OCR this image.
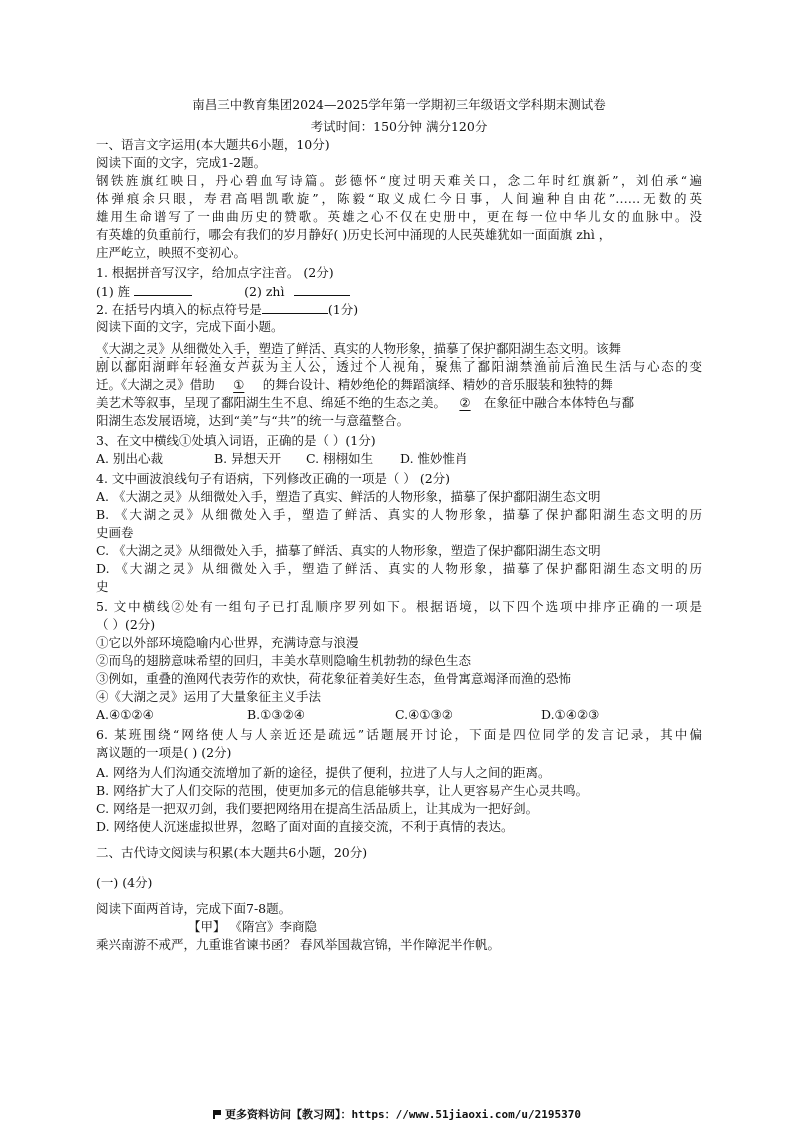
南昌三中教育集团2024—2025学年第一学期初三年级语文学科期末测试卷
考试时间：150分钟 满分120分
一、语言文字运用(本大题共6小题，10分)
阅读下面的文字，完成1-2题。
钢铁旌旗红映日，丹心碧血写诗篇。彭德怀“度过明天难关口，念二年时红旗新”，刘伯承“遍
体弹痕余只眼，寿君高唱凯歌旋”，陈毅“取义成仁今日事，人间遍种自由花”……无数的英
雄用生命谱写了一曲曲历史的赞歌。英雄之心不仅在史册中，更在每一位中华儿女的血脉中。没
有英雄的负重前行，哪会有我们的岁月静好( )历史长河中涌现的人民英雄犹如一面面旗 zhì ，
庄严屹立，映照不变初心。
1. 根据拼音写汉字，给加点字注音。 (2分)
(1) 旌	(2) zhì
2. 在括号内填入的标点符号是	(1分)
阅读下面的文字，完成下面小题。
《大湖之灵》从细微处入手，塑造了鲜活、真实的人物形象，描摹了保护鄱阳湖生态文明。该舞
剧以鄱阳湖畔年轻渔女芦荻为主人公，透过个人视角，聚焦了鄱阳湖禁渔前后渔民生活与心态的变
迁。《大湖之灵》借助 ① 的舞台设计、精妙绝伦的舞蹈演绎、精妙的音乐服装和独特的舞
美艺术等叙事，呈现了鄱阳湖生生不息、绵延不绝的生态之美。 ② 在象征中融合本体特色与鄱
阳湖生态发展语境，达到“美”与“共”的统一与意蕴整合。
3、在文中横线①处填入词语，正确的是（ ）(1分)
A. 别出心裁	B. 异想天开 C. 栩栩如生 D. 惟妙惟肖
4. 文中画波浪线句子有语病，下列修改正确的一项是（ ） (2分)
A. 《大湖之灵》从细微处入手，塑造了真实、鲜活的人物形象，描摹了保护鄱阳湖生态文明
B. 《大湖之灵》从细微处入手，塑造了鲜活、真实的人物形象，描摹了保护鄱阳湖生态文明的历
史画卷
C. 《大湖之灵》从细微处入手，描摹了鲜活、真实的人物形象，塑造了保护鄱阳湖生态文明
D. 《大湖之灵》从细微处入手，塑造了鲜活、真实的人物形象，描摹了保护鄱阳湖生态文明的历
史
5. 文中横线②处有一组句子已打乱顺序罗列如下。根据语境，以下四个选项中排序正确的一项是
（ ）(2分)
①它以外部环境隐喻内心世界，充满诗意与浪漫
②而鸟的翅膀意味希望的回归，丰美水草则隐喻生机勃勃的绿色生态
③例如，重叠的渔网代表劳作的欢快，荷花象征着美好生态，鱼骨寓意竭泽而渔的恐怖
④《大湖之灵》运用了大量象征主义手法
A.④①②④	B.①③②④	C.④①③②	D.①④②③
6. 某班围绕“网络使人与人亲近还是疏远”话题展开讨论，下面是四位同学的发言记录，其中偏
离议题的一项是( ) (2分)
A. 网络为人们沟通交流增加了新的途径，提供了便利，拉进了人与人之间的距离。
B. 网络扩大了人们交际的范围，使更加多元的信息能够共享，让人更容易产生心灵共鸣。
C. 网络是一把双刃剑，我们要把网络用在提高生活品质上，让其成为一把好剑。
D. 网络使人沉迷虚拟世界，忽略了面对面的直接交流，不利于真情的表达。
二、古代诗文阅读与积累(本大题共6小题，20分)
(一) (4分)
阅读下面两首诗，完成下面7-8题。
【甲】 《隋宫》李商隐
乘兴南游不戒严，九重谁省谏书函？ 春风举国裁宫锦，半作障泥半作帆。
更多资料访问【教习网】：https：//www.51jiaoxi.com/u/2195370
